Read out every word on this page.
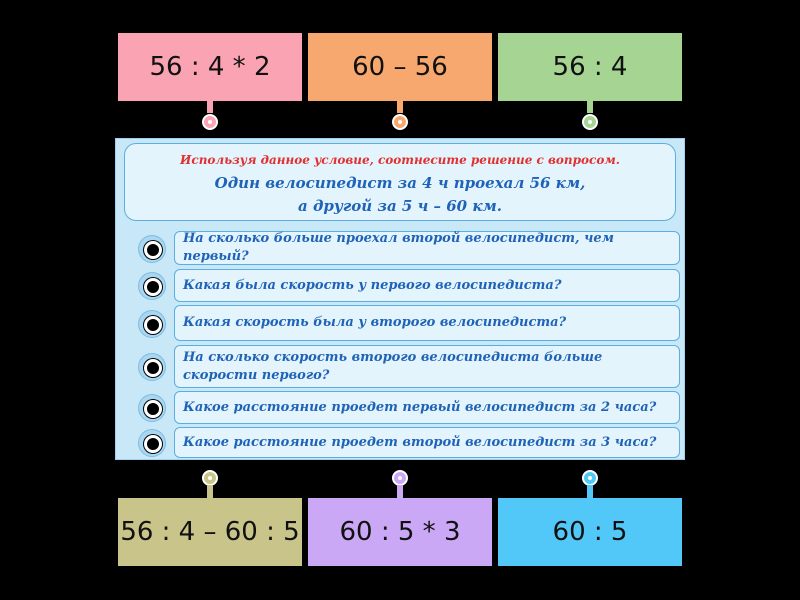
56 : 4 * 2	60 – 56	56 : 4
Используя данное условие, соотнесите решение с вопросом.
Один велосипедист за 4 ч проехал 56 км,
а другой за 5 ч – 60 км.
На сколько больше проехал второй велосипедист, чем первый?
Какая была скорость у первого велосипедиста?
Какая скорость была у второго велосипедиста?
На сколько скорость второго велосипедиста больше скорости первого?
Какое расстояние проедет первый велосипедист за 2 часа?
Какое расстояние проедет второй велосипедист за 3 часа?
56 : 4 – 60 : 5	60 : 5 * 3	60 : 5
